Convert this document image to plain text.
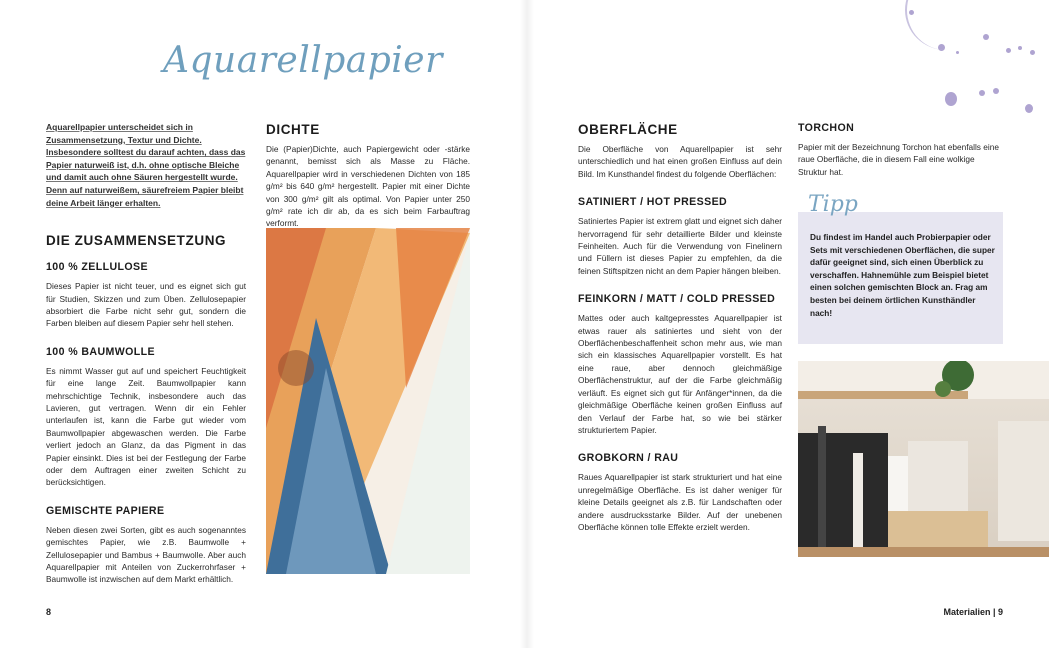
Aquarellpapier

Aquarellpapier unterscheidet sich in Zusammensetzung, Textur und Dichte. Insbesondere solltest du darauf achten, dass das Papier naturweiß ist, d.h. ohne optische Bleiche und damit auch ohne Säuren hergestellt wurde. Denn auf naturweißem, säurefreiem Papier bleibt deine Arbeit länger erhalten.

DIE ZUSAMMENSETZUNG

100 % ZELLULOSE

Dieses Papier ist nicht teuer, und es eignet sich gut für Studien, Skizzen und zum Üben. Zellulosepapier absorbiert die Farbe nicht sehr gut, sondern die Farben bleiben auf diesem Papier sehr hell stehen.

100 % BAUMWOLLE

Es nimmt Wasser gut auf und speichert Feuchtigkeit für eine lange Zeit. Baumwollpapier kann mehrschichtige Technik, insbesondere auch das Lavieren, gut vertragen. Wenn dir ein Fehler unterlaufen ist, kann die Farbe gut wieder vom Baumwollpapier abgewaschen werden. Die Farbe verliert jedoch an Glanz, da das Pigment in das Papier einsinkt. Dies ist bei der Festlegung der Farbe oder dem Auftragen einer zweiten Schicht zu berücksichtigen.

GEMISCHTE PAPIERE

Neben diesen zwei Sorten, gibt es auch sogenanntes gemischtes Papier, wie z.B. Baumwolle + Zellulosepapier und Bambus + Baumwolle. Aber auch Aquarellpapier mit Anteilen von Zuckerrohrfaser + Baumwolle ist inzwischen auf dem Markt erhältlich.

DICHTE

Die (Papier)Dichte, auch Papiergewicht oder -stärke genannt, bemisst sich als Masse zu Fläche. Aquarellpapier wird in verschiedenen Dichten von 185 g/m² bis 640 g/m² hergestellt. Papier mit einer Dichte von 300 g/m² gilt als optimal. Von Papier unter 250 g/m² rate ich dir ab, da es sich beim Farbauftrag verformt.

8

OBERFLÄCHE

Die Oberfläche von Aquarellpapier ist sehr unterschiedlich und hat einen großen Einfluss auf dein Bild. Im Kunsthandel findest du folgende Oberflächen:

SATINIERT / HOT PRESSED

Satiniertes Papier ist extrem glatt und eignet sich daher hervorragend für sehr detaillierte Bilder und kleinste Feinheiten. Auch für die Verwendung von Finelinern und Füllern ist dieses Papier zu empfehlen, da die feinen Stiftspitzen nicht an dem Papier hängen bleiben.

FEINKORN / MATT / COLD PRESSED

Mattes oder auch kaltgepresstes Aquarellpapier ist etwas rauer als satiniertes und sieht von der Oberflächenbeschaffenheit schon mehr aus, wie man sich ein klassisches Aquarellpapier vorstellt. Es hat eine raue, aber dennoch gleichmäßige Oberflächenstruktur, auf der die Farbe gleichmäßig verläuft. Es eignet sich gut für Anfänger*innen, da die gleichmäßige Oberfläche keinen großen Einfluss auf den Verlauf der Farbe hat, so wie bei stärker strukturiertem Papier.

GROBKORN / RAU

Raues Aquarellpapier ist stark strukturiert und hat eine unregelmäßige Oberfläche. Es ist daher weniger für kleine Details geeignet als z.B. für Landschaften oder andere ausdrucksstarke Bilder. Auf der unebenen Oberfläche können tolle Effekte erzielt werden.

TORCHON

Papier mit der Bezeichnung Torchon hat ebenfalls eine raue Oberfläche, die in diesem Fall eine wolkige Struktur hat.

Tipp

Du findest im Handel auch Probierpapier oder Sets mit verschiedenen Oberflächen, die super dafür geeignet sind, sich einen Überblick zu verschaffen. Hahnemühle zum Beispiel bietet einen solchen gemischten Block an. Frag am besten bei deinem örtlichen Kunsthändler nach!

Materialien | 9
